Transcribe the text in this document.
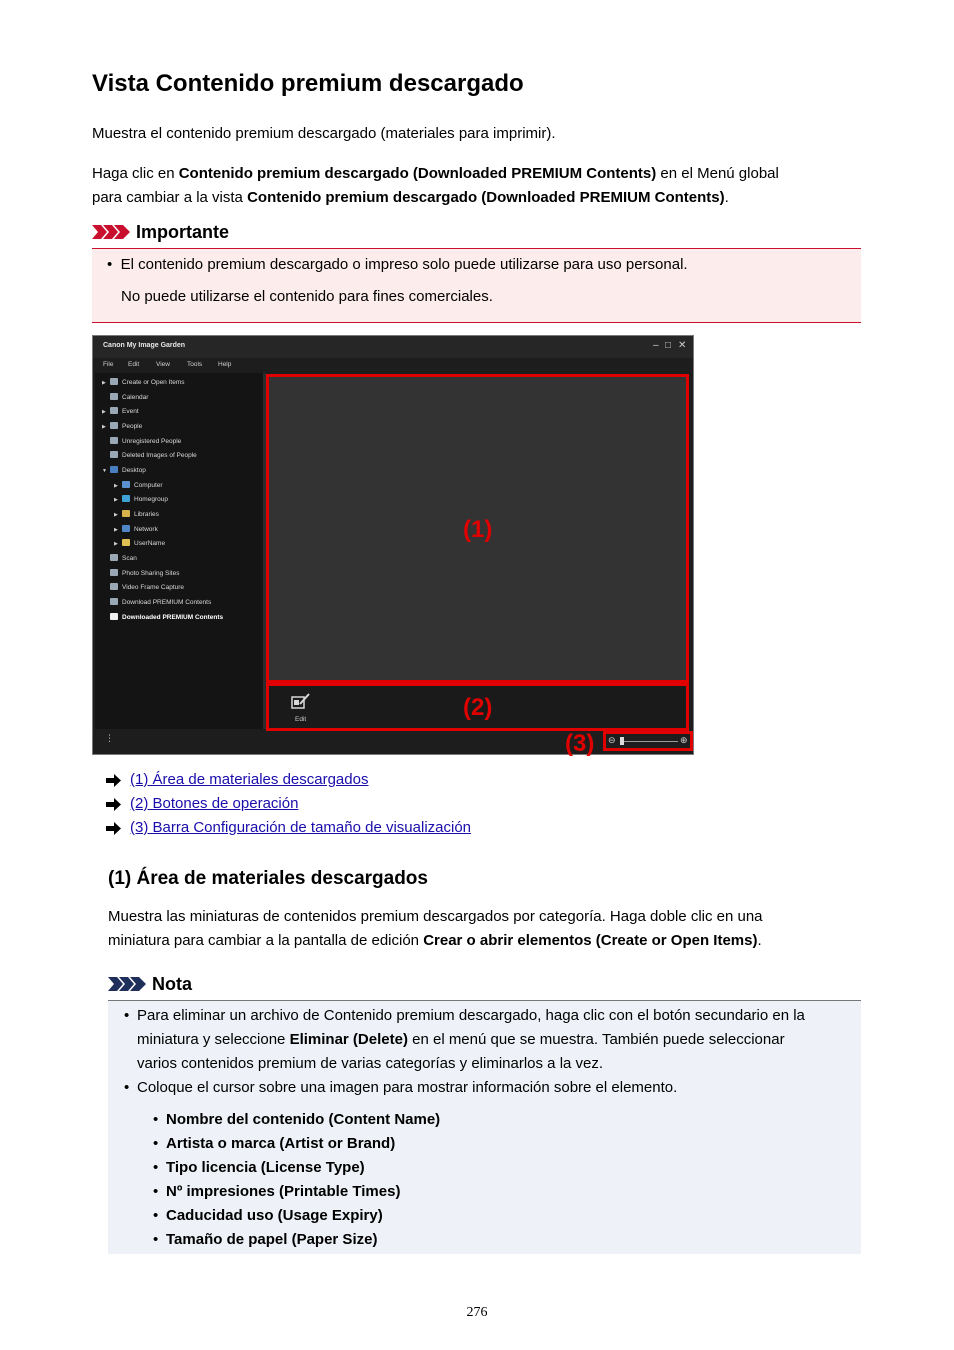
Vista Contenido premium descargado

Muestra el contenido premium descargado (materiales para imprimir).

Haga clic en Contenido premium descargado (Downloaded PREMIUM Contents) en el Menú global
para cambiar a la vista Contenido premium descargado (Downloaded PREMIUM Contents).

Importante
•  El contenido premium descargado o impreso solo puede utilizarse para uso personal.
No puede utilizarse el contenido para fines comerciales.
Canon My Image Garden	– □ ✕
File Edit	View	Tools Help
▶ Create or Open Items
Calendar
▶ Event
▶ People
Unregistered People
Deleted Images of People
▼ Desktop
▶ Computer
▶ Homegroup
▶ Libraries
▶ Network
▶ UserName
Scan
Photo Sharing Sites
Video Frame Capture
Download PREMIUM Contents
Downloaded PREMIUM Contents
⋮
Edit
⊖	⊕
(1)
(2)
(3)
(1) Área de materiales descargados
(2) Botones de operación
(3) Barra Configuración de tamaño de visualización
(1) Área de materiales descargados

Muestra las miniaturas de contenidos premium descargados por categoría. Haga doble clic en una
miniatura para cambiar a la pantalla de edición Crear o abrir elementos (Create or Open Items).

Nota
• Para eliminar un archivo de Contenido premium descargado, haga clic con el botón secundario en la
miniatura y seleccione Eliminar (Delete) en el menú que se muestra. También puede seleccionar
varios contenidos premium de varias categorías y eliminarlos a la vez.
• Coloque el cursor sobre una imagen para mostrar información sobre el elemento.
• Nombre del contenido (Content Name)
• Artista o marca (Artist or Brand)
• Tipo licencia (License Type)
• Nº impresiones (Printable Times)
• Caducidad uso (Usage Expiry)
• Tamaño de papel (Paper Size)
276
